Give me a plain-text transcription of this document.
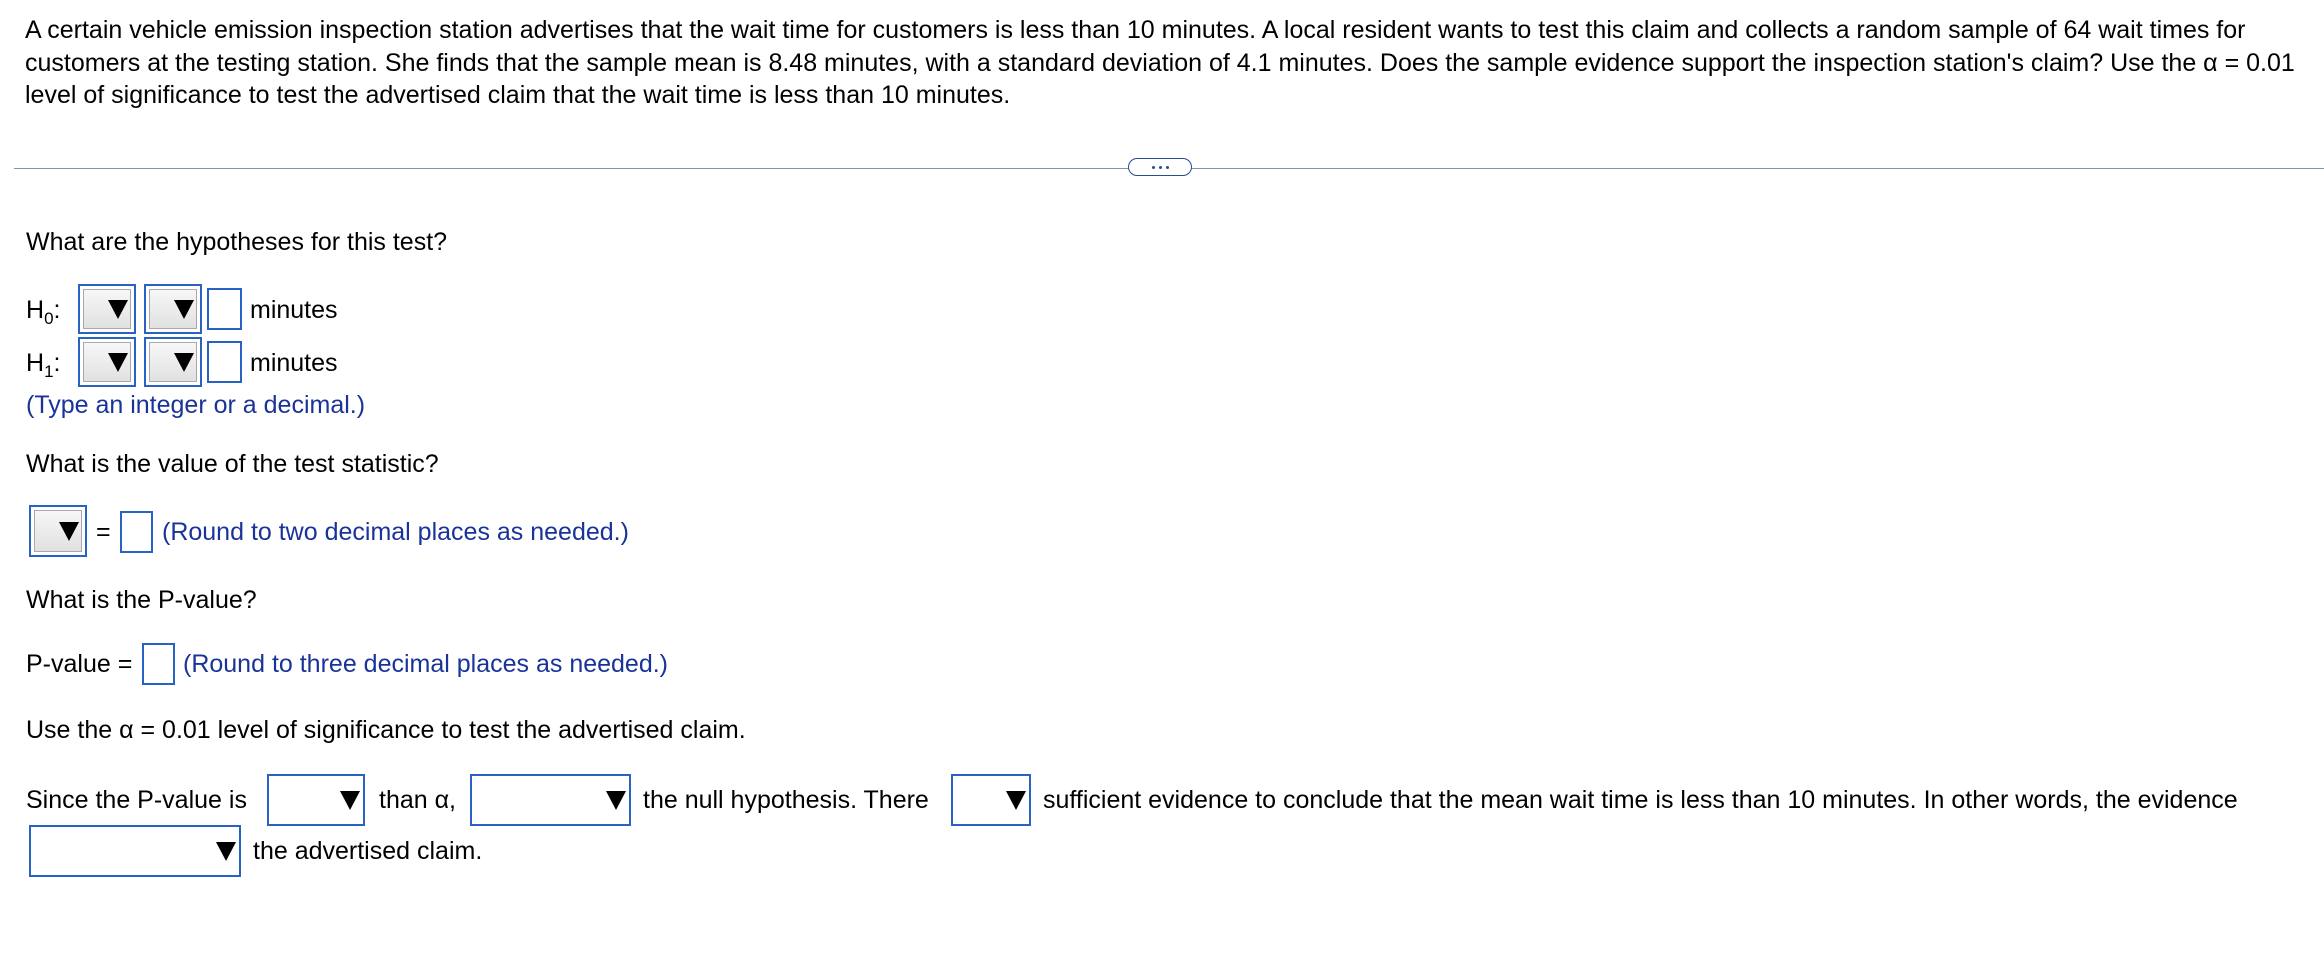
A certain vehicle emission inspection station advertises that the wait time for customers is less than 10 minutes. A local resident wants to test this claim and collects a random sample of 64 wait times for customers at the testing station. She finds that the sample mean is 8.48 minutes, with a standard deviation of 4.1 minutes. Does the sample evidence support the inspection station's claim? Use the α = 0.01 level of significance to test the advertised claim that the wait time is less than 10 minutes.
What are the hypotheses for this test?
$H_0$:	minutes
$H_1$:	minutes
(Type an integer or a decimal.)
What is the value of the test statistic?
= (Round to two decimal places as needed.)
What is the P-value?
P-value = (Round to three decimal places as needed.)
Use the α = 0.01 level of significance to test the advertised claim.
Since the P-value is	than α,	the null hypothesis. There	sufficient evidence to conclude that the mean wait time is less than 10 minutes. In other words, the evidence
the advertised claim.
